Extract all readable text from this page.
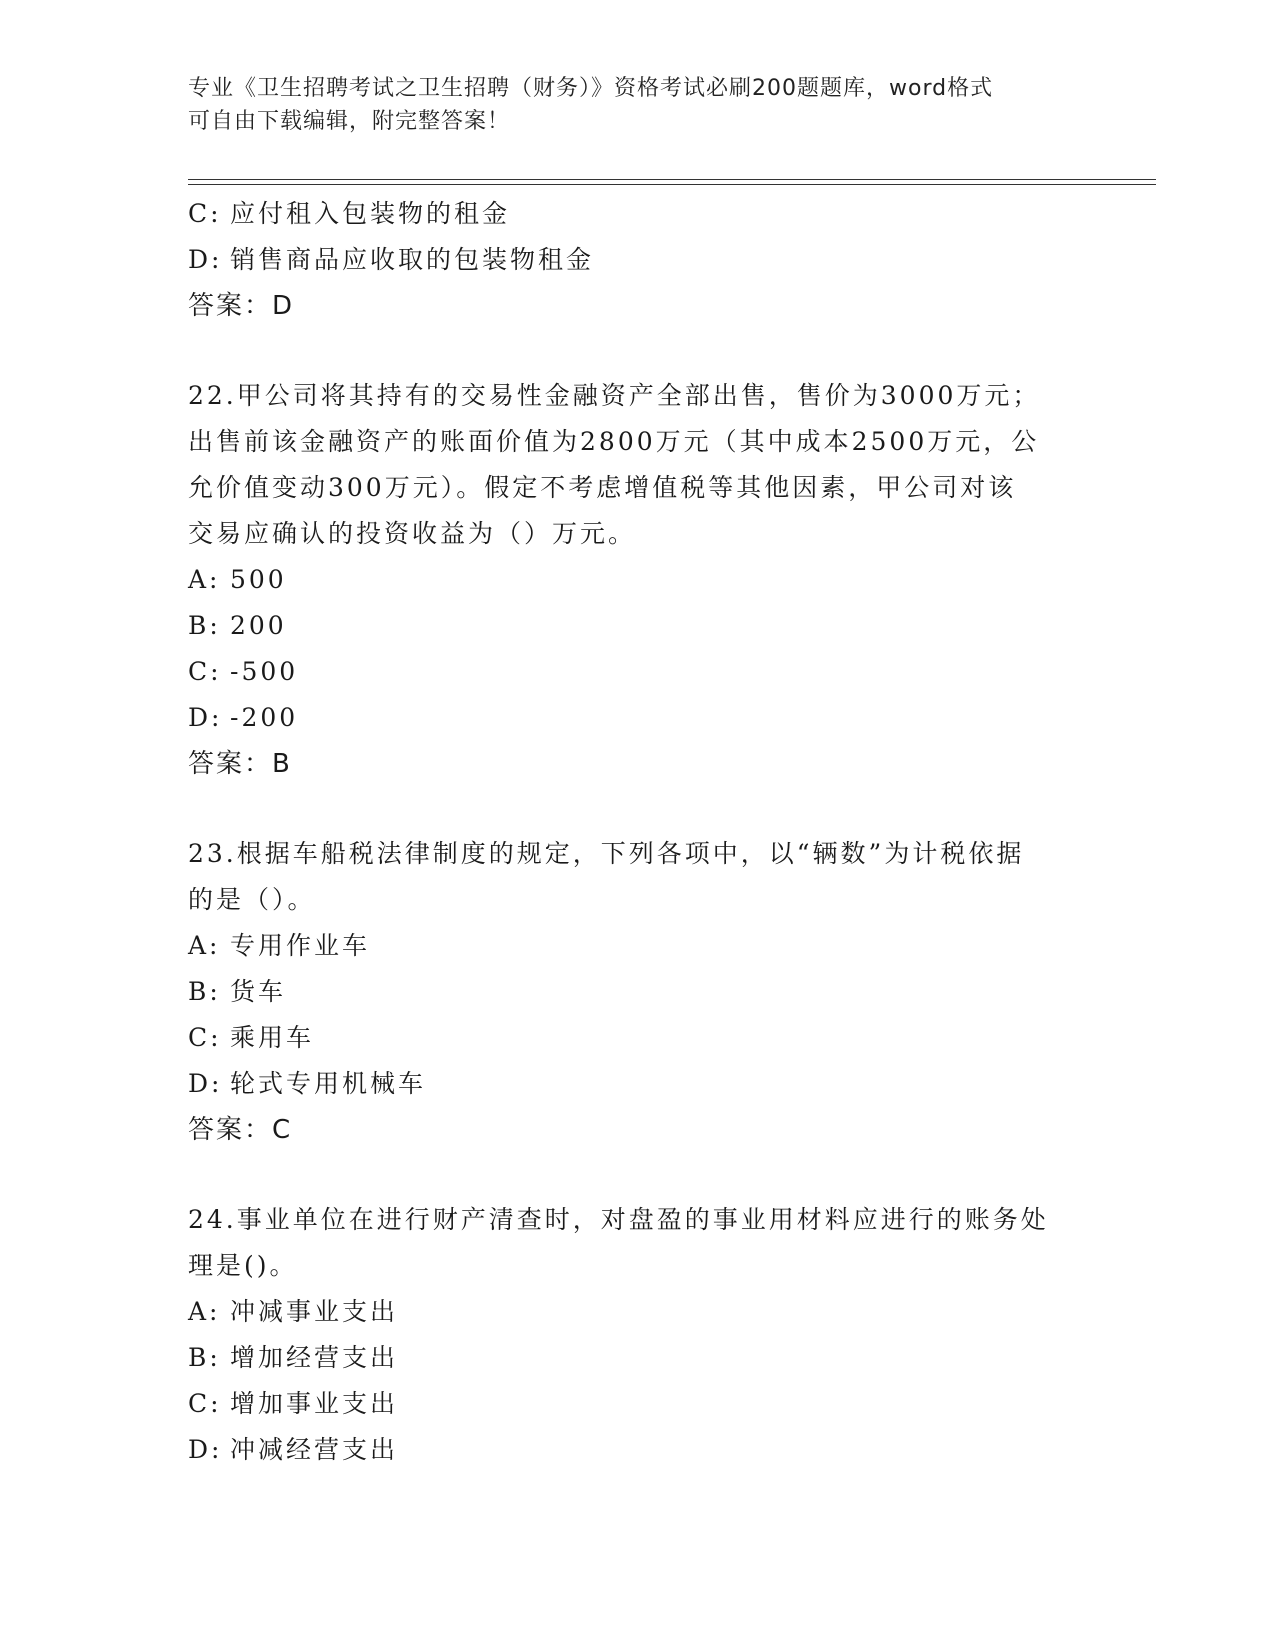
专业《卫生招聘考试之卫生招聘（财务）》资格考试必刷200题题库，word格式
可自由下载编辑，附完整答案！
C: 应付租入包装物的租金
D: 销售商品应收取的包装物租金
答案：D
22.甲公司将其持有的交易性金融资产全部出售，售价为3000万元；
出售前该金融资产的账面价值为2800万元（其中成本2500万元，公
允价值变动300万元）。假定不考虑增值税等其他因素，甲公司对该
交易应确认的投资收益为（）万元。
A: 500
B: 200
C: -500
D: -200
答案：B
23.根据车船税法律制度的规定，下列各项中，以“辆数”为计税依据
的是（）。
A: 专用作业车
B: 货车
C: 乘用车
D: 轮式专用机械车
答案：C
24.事业单位在进行财产清查时，对盘盈的事业用材料应进行的账务处
理是()。
A: 冲减事业支出
B: 增加经营支出
C: 增加事业支出
D: 冲减经营支出
